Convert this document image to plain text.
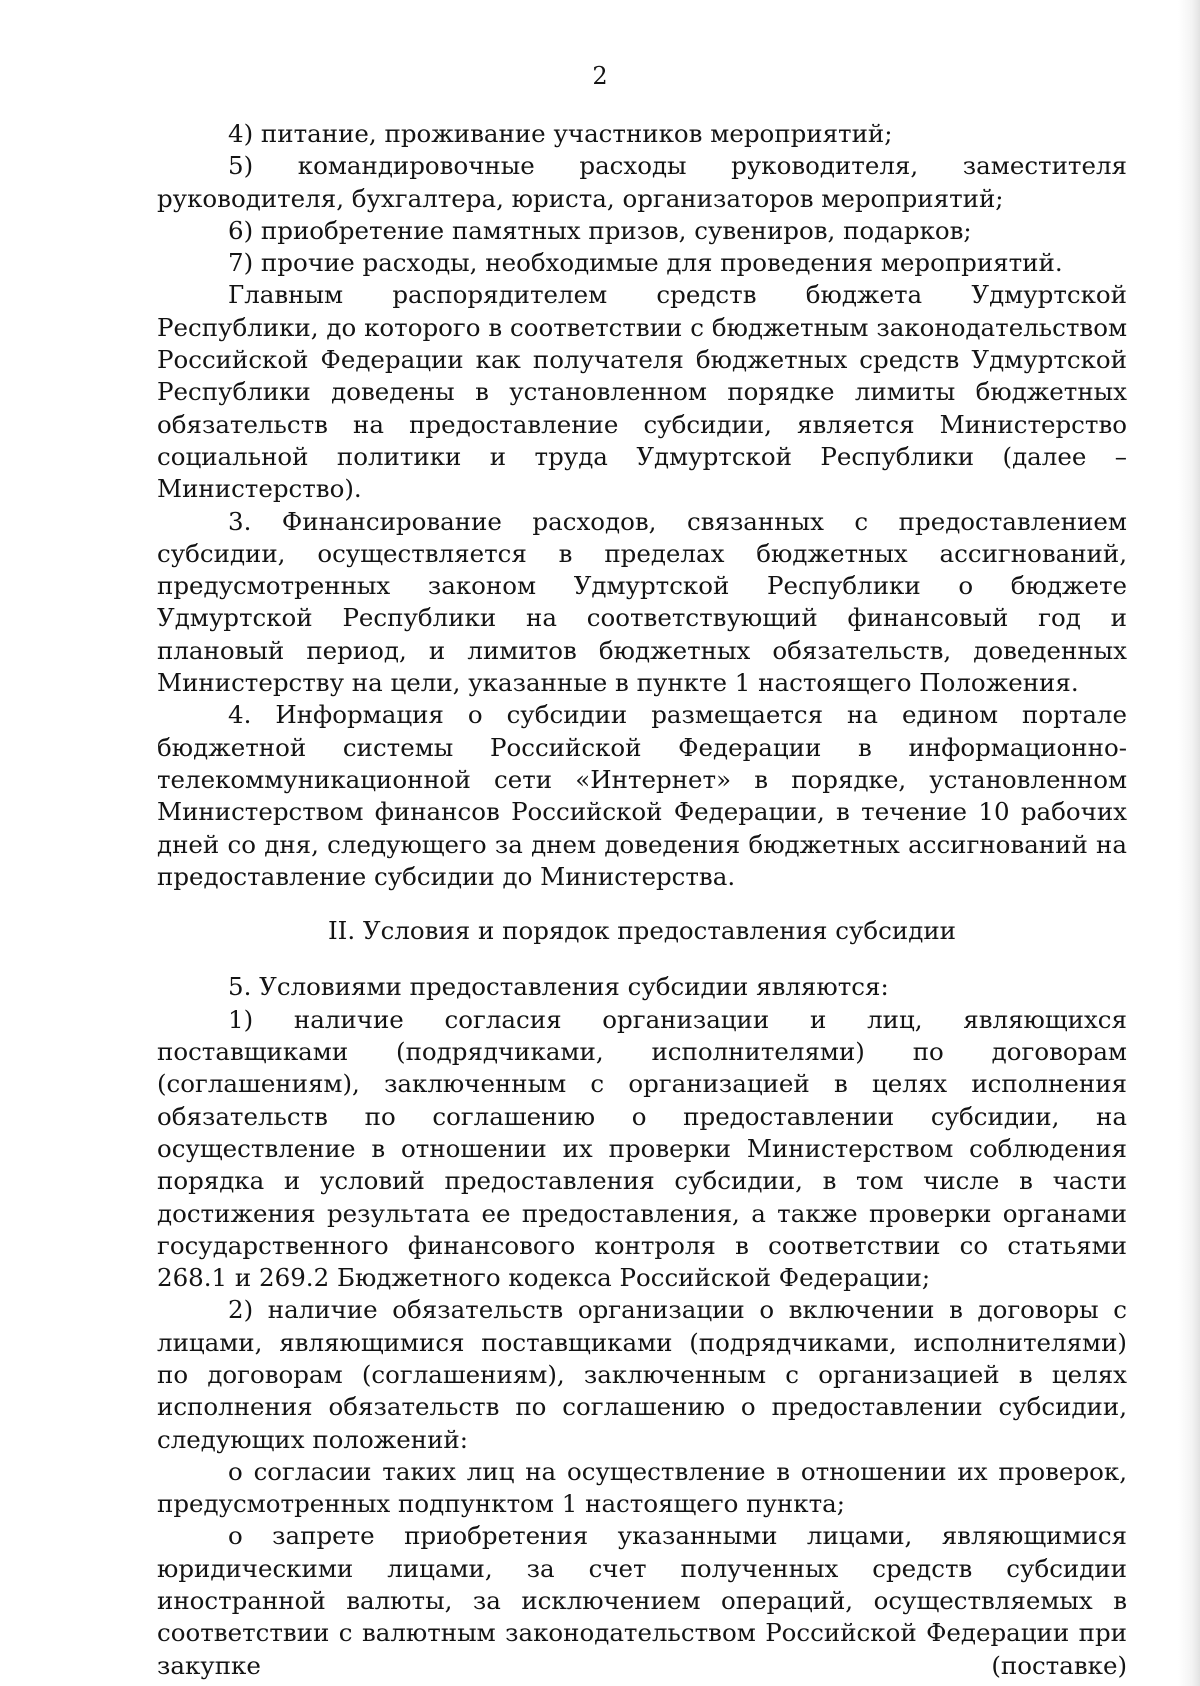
2

4) питание, проживание участников мероприятий;

5) командировочные расходы руководителя, заместителя руководителя, бухгалтера, юриста, организаторов мероприятий;

6) приобретение памятных призов, сувениров, подарков;

7) прочие расходы, необходимые для проведения мероприятий.

Главным распорядителем средств бюджета Удмуртской Республики, до которого в соответствии с бюджетным законодательством Российской Федерации как получателя бюджетных средств Удмуртской Республики доведены в установленном порядке лимиты бюджетных обязательств на предоставление субсидии, является Министерство социальной политики и труда Удмуртской Республики (далее – Министерство).

3. Финансирование расходов, связанных с предоставлением субсидии, осуществляется в пределах бюджетных ассигнований, предусмотренных законом Удмуртской Республики о бюджете Удмуртской Республики на соответствующий финансовый год и плановый период, и лимитов бюджетных обязательств, доведенных Министерству на цели, указанные в пункте 1 настоящего Положения.

4. Информация о субсидии размещается на едином портале бюджетной системы Российской Федерации в информационно-телекоммуникационной сети «Интернет» в порядке, установленном Министерством финансов Российской Федерации, в течение 10 рабочих дней со дня, следующего за днем доведения бюджетных ассигнований на предоставление субсидии до Министерства.

II. Условия и порядок предоставления субсидии

5. Условиями предоставления субсидии являются:

1) наличие согласия организации и лиц, являющихся поставщиками (подрядчиками, исполнителями) по договорам (соглашениям), заключенным с организацией в целях исполнения обязательств по соглашению о предоставлении субсидии, на осуществление в отношении их проверки Министерством соблюдения порядка и условий предоставления субсидии, в том числе в части достижения результата ее предоставления, а также проверки органами государственного финансового контроля в соответствии со статьями 268.1 и 269.2 Бюджетного кодекса Российской Федерации;

2) наличие обязательств организации о включении в договоры с лицами, являющимися поставщиками (подрядчиками, исполнителями) по договорам (соглашениям), заключенным с организацией в целях исполнения обязательств по соглашению о предоставлении субсидии, следующих положений:

о согласии таких лиц на осуществление в отношении их проверок, предусмотренных подпунктом 1 настоящего пункта;

о запрете приобретения указанными лицами, являющимися юридическими лицами, за счет полученных средств субсидии иностранной валюты, за исключением операций, осуществляемых в соответствии с валютным законодательством Российской Федерации при закупке (поставке)
